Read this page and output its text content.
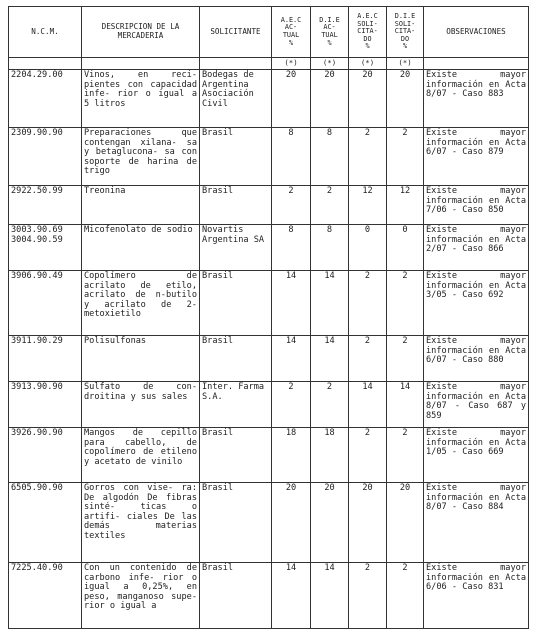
N.C.M.	DESCRIPCION DE LA MERCADERIA	SOLICITANTE	A.E.C
AC-
TUAL
%	D.I.E
AC-
TUAL
%	A.E.C
SOLI-
CITA-
DO
%	D.I.E
SOLI-
CITA-
DO
%	OBSERVACIONES
			(*)	(*)	(*)	(*)	

2204.29.00	Vinos, en reci- pientes con capacidad infe- rior o igual a 5 litros	Bodegas de Argentina Asociación Civil	20	20	20	20	Existe mayor información en Acta 8/07 - Caso 883

2309.90.90	Preparaciones que contengan xilana- sa y betaglucona- sa con soporte de harina de trigo	Brasil	8	8	2	2	Existe mayor información en Acta 6/07 - Caso 879

2922.50.99	Treonina	Brasil	2	2	12	12	Existe mayor información en Acta 7/06 - Caso 850

3003.90.69
3004.90.59	Micofenolato de sodio	Novartis Argentina SA	8	8	0	0	Existe mayor información en Acta 2/07 - Caso 866

3906.90.49	Copolímero de acrilato de etilo, acrilato de n-butilo y acrilato de 2- metoxietilo	Brasil	14	14	2	2	Existe mayor información en Acta 3/05 - Caso 692

3911.90.29	Polisulfonas	Brasil	14	14	2	2	Existe mayor información en Acta 6/07 - Caso 880

3913.90.90	Sulfato de con- droitina y sus sales	Inter. Farma S.A.	2	2	14	14	Existe mayor información en Acta 8/07 - Caso 687 y 859

3926.90.90	Mangos de cepillo para cabello, de copolímero de etileno y acetato de vinilo	Brasil	18	18	2	2	Existe mayor información en Acta 1/05 - Caso 669

6505.90.90	Gorros con vise- ra: De algodón De fibras sinté- ticas o artifi- ciales De las demás materias textiles	Brasil	20	20	20	20	Existe mayor información en Acta 8/07 - Caso 884

7225.40.90	Con un contenido de carbono infe- rior o igual a 0,25%, en peso, manganoso supe- rior o igual a	Brasil	14	14	2	2	Existe mayor información en Acta 6/06 - Caso 831
